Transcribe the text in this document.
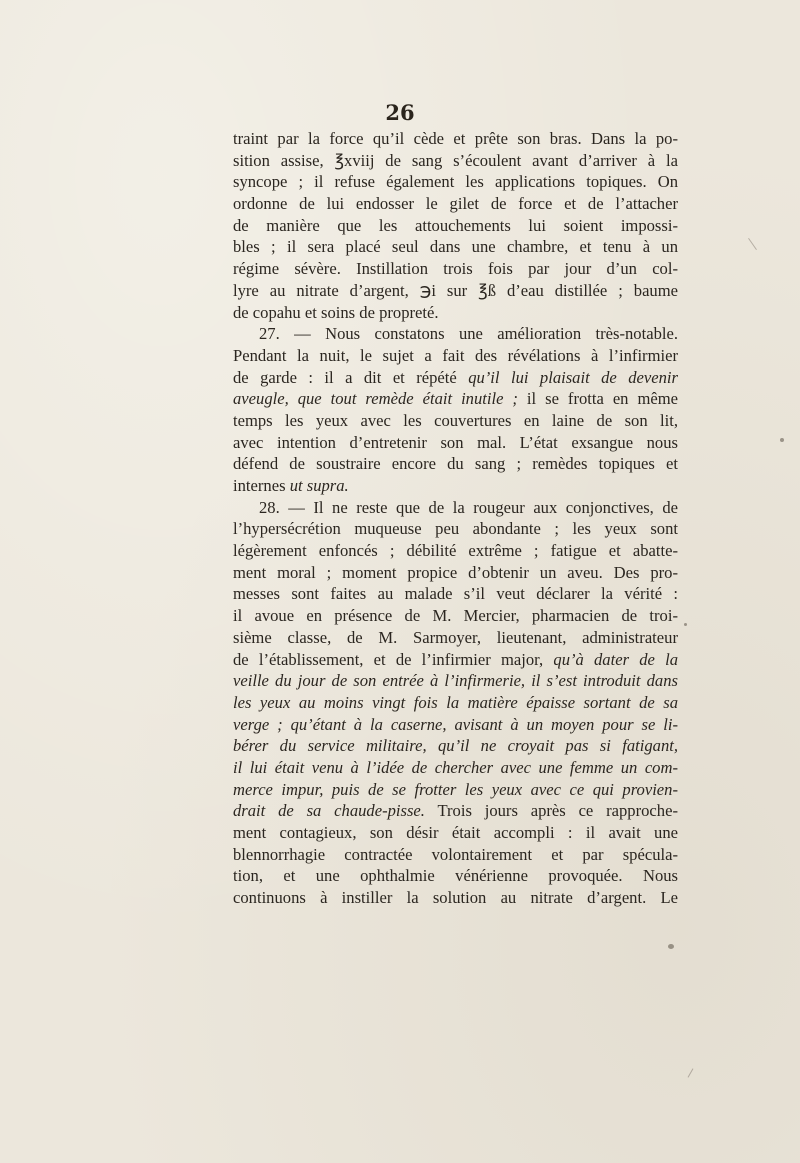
26
traint par la force qu’il cède et prête son bras. Dans la po-
sition assise, ℥xviij de sang s’écoulent avant d’arriver à la
syncope ; il refuse également les applications topiques. On
ordonne de lui endosser le gilet de force et de l’attacher
de manière que les attouchements lui soient impossi-
bles ; il sera placé seul dans une chambre, et tenu à un
régime sévère. Instillation trois fois par jour d’un col-
lyre au nitrate d’argent, ℈i sur ℥ß d’eau distillée ; baume
de copahu et soins de propreté.
27. — Nous constatons une amélioration très-notable.
Pendant la nuit, le sujet a fait des révélations à l’infirmier
de garde : il a dit et répété qu’il lui plaisait de devenir
aveugle, que tout remède était inutile ; il se frotta en même
temps les yeux avec les couvertures en laine de son lit,
avec intention d’entretenir son mal. L’état exsangue nous
défend de soustraire encore du sang ; remèdes topiques et
internes ut supra.
28. — Il ne reste que de la rougeur aux conjonctives, de
l’hypersécrétion muqueuse peu abondante ; les yeux sont
légèrement enfoncés ; débilité extrême ; fatigue et abatte-
ment moral ; moment propice d’obtenir un aveu. Des pro-
messes sont faites au malade s’il veut déclarer la vérité :
il avoue en présence de M. Mercier, pharmacien de troi-
sième classe, de M. Sarmoyer, lieutenant, administrateur
de l’établissement, et de l’infirmier major, qu’à dater de la
veille du jour de son entrée à l’infirmerie, il s’est introduit dans
les yeux au moins vingt fois la matière épaisse sortant de sa
verge ; qu’étant à la caserne, avisant à un moyen pour se li-
bérer du service militaire, qu’il ne croyait pas si fatigant,
il lui était venu à l’idée de chercher avec une femme un com-
merce impur, puis de se frotter les yeux avec ce qui provien-
drait de sa chaude-pisse. Trois jours après ce rapproche-
ment contagieux, son désir était accompli : il avait une
blennorrhagie contractée volontairement et par spécula-
tion, et une ophthalmie vénérienne provoquée. Nous
continuons à instiller la solution au nitrate d’argent. Le
